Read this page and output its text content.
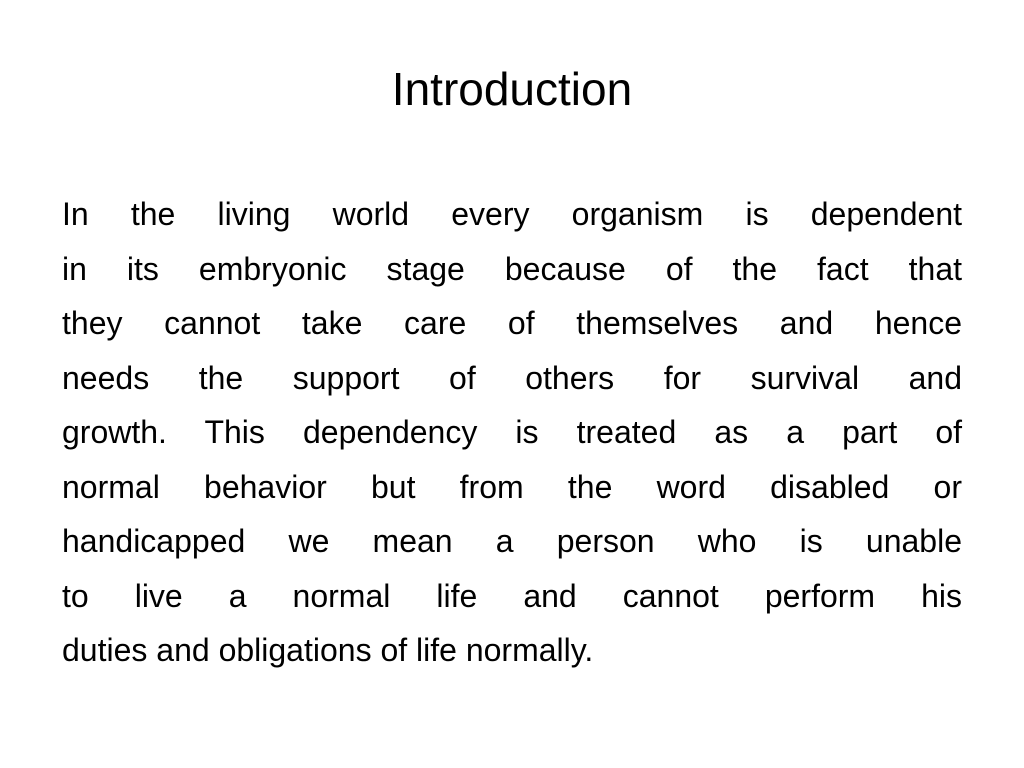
Introduction
In the living world every organism is dependent
in its embryonic stage because of the fact that
they cannot take care of themselves and hence
needs the support of others for survival and
growth. This dependency is treated as a part of
normal behavior but from the word disabled or
handicapped we mean a person who is unable
to live a normal life and cannot perform his
duties and obligations of life normally.
